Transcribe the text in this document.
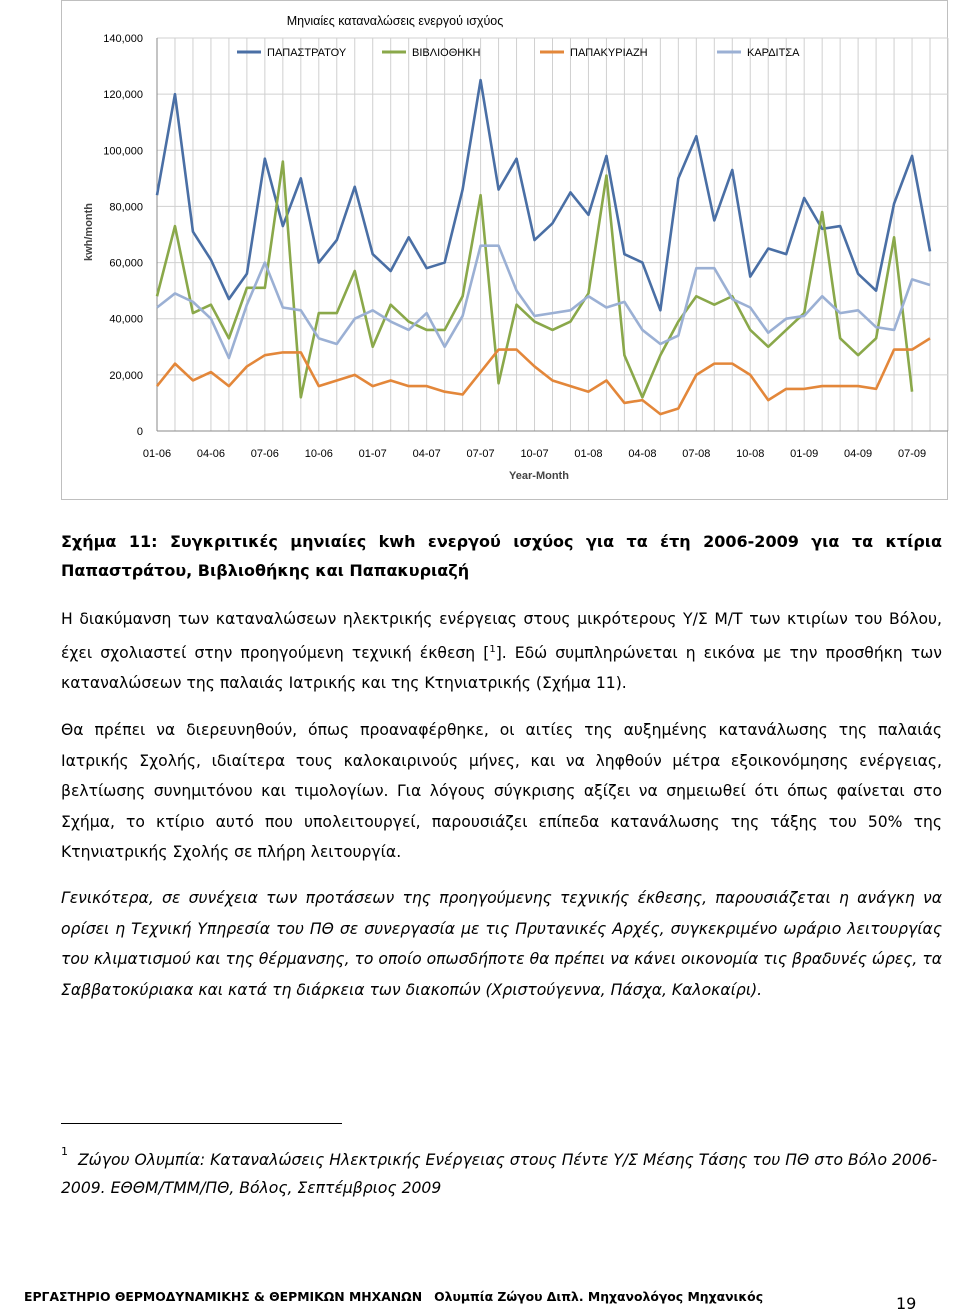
0
20,000
40,000
60,000
80,000
100,000
120,000
140,000
01-06 04-06 07-06 10-06 01-07 04-07 07-07 10-07 01-08 04-08 07-08 10-08 01-09 04-09 07-09
Μηνιαίες καταναλώσεις ενεργού ισχύος
ΠΑΠΑΣΤΡΑΤΟΥ	ΒΙΒΛΙΟΘΗΚΗ	ΠΑΠΑΚΥΡΙΑΖΗ	ΚΑΡΔΙΤΣΑ
Year-Month
kwh/month
Σχήμα 11: Συγκριτικές μηνιαίες kwh ενεργού ισχύος για τα έτη 2006-2009 για τα κτίρια Παπαστράτου, Βιβλιοθήκης και Παπακυριαζή
Η διακύμανση των καταναλώσεων ηλεκτρικής ενέργειας στους μικρότερους Υ/Σ Μ/Τ των κτιρίων του Βόλου, έχει σχολιαστεί στην προηγούμενη τεχνική έκθεση [$^1$]. Εδώ συμπληρώνεται η εικόνα με την προσθήκη των καταναλώσεων της παλαιάς Ιατρικής και της Κτηνιατρικής (Σχήμα 11).
Θα πρέπει να διερευνηθούν, όπως προαναφέρθηκε, οι αιτίες της αυξημένης κατανάλωσης της παλαιάς Ιατρικής Σχολής, ιδιαίτερα τους καλοκαιρινούς μήνες, και να ληφθούν μέτρα εξοικονόμησης ενέργειας, βελτίωσης συνημιτόνου και τιμολογίων. Για λόγους σύγκρισης αξίζει να σημειωθεί ότι όπως φαίνεται στο Σχήμα, το κτίριο αυτό που υπολειτουργεί, παρουσιάζει επίπεδα κατανάλωσης της τάξης του 50% της Κτηνιατρικής Σχολής σε πλήρη λειτουργία.
Γενικότερα, σε συνέχεια των προτάσεων της προηγούμενης τεχνικής έκθεσης, παρουσιάζεται η ανάγκη να ορίσει η Τεχνική Υπηρεσία του ΠΘ σε συνεργασία με τις Πρυτανικές Αρχές, συγκεκριμένο ωράριο λειτουργίας του κλιματισμού και της θέρμανσης, το οποίο οπωσδήποτε θα πρέπει να κάνει οικονομία τις βραδυνές ώρες, τα Σαββατοκύριακα και κατά τη διάρκεια των διακοπών (Χριστούγεννα, Πάσχα, Καλοκαίρι).
$^1$ Ζώγου Ολυμπία: Καταναλώσεις Ηλεκτρικής Ενέργειας στους Πέντε Υ/Σ Μέσης Τάσης του ΠΘ στο Βόλο 2006-2009. ΕΘΘΜ/ΤΜΜ/ΠΘ, Βόλος, Σεπτέμβριος 2009
ΕΡΓΑΣΤΗΡΙΟ ΘΕΡΜΟΔΥΝΑΜΙΚΗΣ & ΘΕΡΜΙΚΩΝ ΜΗΧΑΝΩΝ Ολυμπία Ζώγου Διπλ. Μηχανολόγος Μηχανικός	19
